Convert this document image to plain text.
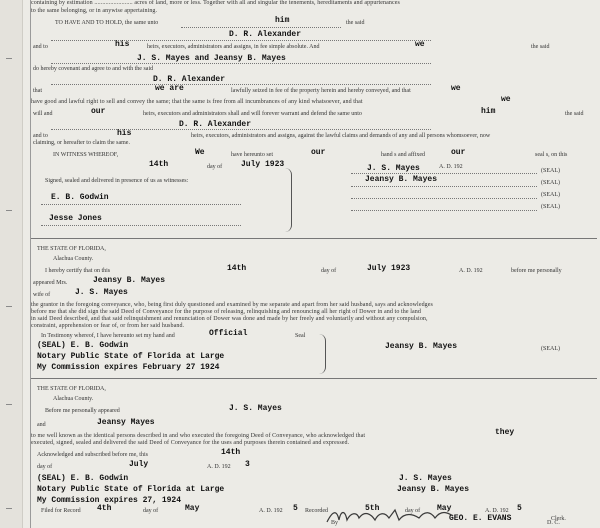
containing by estimation ........................ acres of land, more or less. Together with all and singular the tenements, hereditaments and appurtenances
to the same belonging, or in anywise appertaining.
TO HAVE AND TO HOLD, the same unto	him	the said
D. R. Alexander
and to	his	heirs, executors, administrators and assigns, in fee simple absolute. And	we	the said
J. S. Mayes and Jeansy B. Mayes
do hereby covenant and agree to and with the said
D. R. Alexander
that	we are	lawfully seized in fee of the property herein and hereby conveyed, and that	we
have good and lawful right to sell and convey the same; that the same is free from all incumbrances of any kind whatsoever, and that	we
will and	our	heirs, executors and administrators shall and will forever warrant and defend the same unto	him	the said
D. R. Alexander
and to	his	heirs, executors, administrators and assigns, against the lawful claims and demands of any and all persons whomsoever, now
claiming, or hereafter to claim the same.
IN WITNESS WHEREOF,	We	have hereunto set	our	hand s and affixed	our	seal s, on this
14th	day of July 1923	A. D. 192
Signed, sealed and delivered in presence of us as witnesses:
E. B. Godwin
Jesse Jones
J. S. Mayes
Jeansy B. Mayes
(SEAL)
(SEAL)
(SEAL)
(SEAL)
THE STATE OF FLORIDA,
Alachua County.
I hereby certify that on this	14th	day of	July 1923	A. D. 192	before me personally
appeared Mrs.	Jeansy B. Mayes
wife of	J. S. Mayes
the grantor in the foregoing conveyance, who, being first duly questioned and examined by me separate and apart from her said husband, says and acknowledges
before me that she did sign the said Deed of Conveyance for the purpose of releasing, relinquishing and renouncing all her right of Dower in and to the land
in said Deed described, and that said relinquishment and renunciation of Dower was done and made by her freely and voluntarily and without any compulsion,
constraint, apprehension or fear of, or from her said husband.
In Testimony whereof, I have hereunto set my hand and	Official	Seal
(SEAL) E. B. Godwin
Notary Public State of Florida at Large
My Commission expires February 27 1924
Jeansy B. Mayes	(SEAL)
THE STATE OF FLORIDA,
Alachua County.
Before me personally appeared	J. S. Mayes
and	Jeansy Mayes
to me well known as the identical persons described in and who executed the foregoing Deed of Conveyance, who acknowledged that	they
executed, signed, sealed and delivered the said Deed of Conveyance for the uses and purposes therein contained and expressed.
Acknowledged and subscribed before me, this	14th
day of	July	A. D. 192 3
(SEAL) E. B. Godwin
Notary Public State of Florida at Large
My Commission expires 27, 1924
J. S. Mayes
Jeansy B. Mayes
Filed for Record 4th	day of	May	A. D. 192 5 Recorded	5th	day of May	A. D. 192 5
GEO. E. EVANS	Clerk.
By	D. C.
